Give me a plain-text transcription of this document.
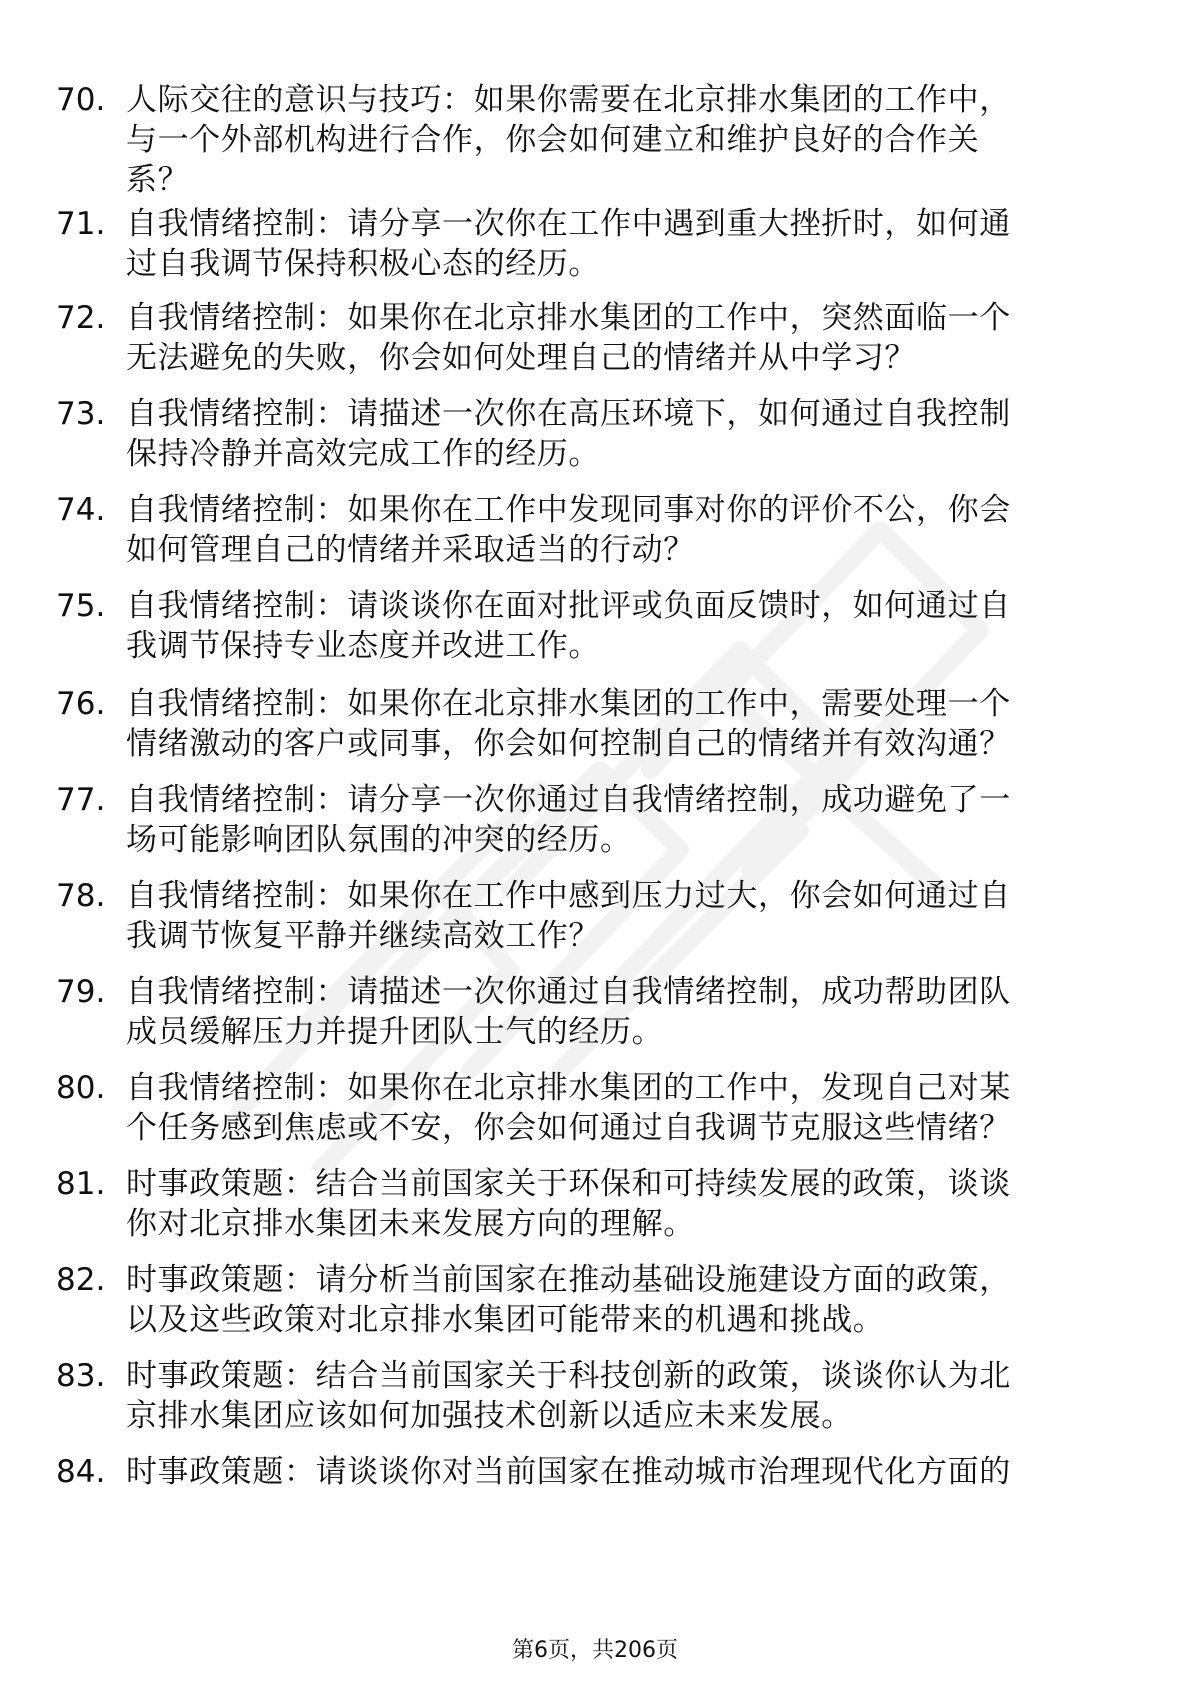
70. 人际交往的意识与技巧：如果你需要在北京排水集团的工作中，
与一个外部机构进行合作，你会如何建立和维护良好的合作关
系？
71. 自我情绪控制：请分享一次你在工作中遇到重大挫折时，如何通
过自我调节保持积极心态的经历。
72. 自我情绪控制：如果你在北京排水集团的工作中，突然面临一个
无法避免的失败，你会如何处理自己的情绪并从中学习？
73. 自我情绪控制：请描述一次你在高压环境下，如何通过自我控制
保持冷静并高效完成工作的经历。
74. 自我情绪控制：如果你在工作中发现同事对你的评价不公，你会
如何管理自己的情绪并采取适当的行动？
75. 自我情绪控制：请谈谈你在面对批评或负面反馈时，如何通过自
我调节保持专业态度并改进工作。
76. 自我情绪控制：如果你在北京排水集团的工作中，需要处理一个
情绪激动的客户或同事，你会如何控制自己的情绪并有效沟通？
77. 自我情绪控制：请分享一次你通过自我情绪控制，成功避免了一
场可能影响团队氛围的冲突的经历。
78. 自我情绪控制：如果你在工作中感到压力过大，你会如何通过自
我调节恢复平静并继续高效工作？
79. 自我情绪控制：请描述一次你通过自我情绪控制，成功帮助团队
成员缓解压力并提升团队士气的经历。
80. 自我情绪控制：如果你在北京排水集团的工作中，发现自己对某
个任务感到焦虑或不安，你会如何通过自我调节克服这些情绪？
81. 时事政策题：结合当前国家关于环保和可持续发展的政策，谈谈
你对北京排水集团未来发展方向的理解。
82. 时事政策题：请分析当前国家在推动基础设施建设方面的政策，
以及这些政策对北京排水集团可能带来的机遇和挑战。
83. 时事政策题：结合当前国家关于科技创新的政策，谈谈你认为北
京排水集团应该如何加强技术创新以适应未来发展。
84. 时事政策题：请谈谈你对当前国家在推动城市治理现代化方面的
第6页，共206页
